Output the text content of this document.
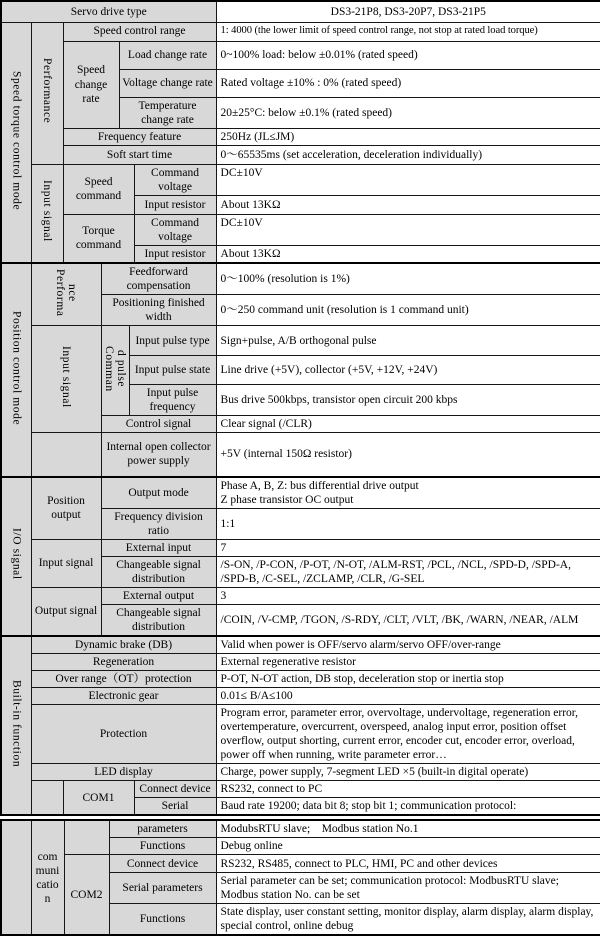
Servo drive type							DS3-21P8, DS3-20P7, DS3-21P5
Speed torque control mode	Performance	Speed control range					1: 4000 (the lower limit of speed control range, not stop at rated load torque)
		Speed change rate		Load change rate			0~100% load: below ±0.01% (rated speed)
				Voltage change rate			Rated voltage ±10% : 0% (rated speed)
				Temperature change rate			20±25°C: below ±0.1% (rated speed)
		Frequency feature					250Hz (JL≤JM)
		Soft start time					0～65535ms (set acceleration, deceleration individually)
	Input signal	Speed command				Command voltage	DC±10V
						Input resistor	About 13KΩ
		Torque command				Command voltage	DC±10V
						Input resistor	About 13KΩ
Position control mode	Performance		Feedforward compensation				0～100% (resolution is 1%)
			Positioning finished width				0～250 command unit (resolution is 1 command unit)
	Input signal		Command pulse		Input pulse type		Sign+pulse, A/B orthogonal pulse
					Input pulse state		Line drive (+5V), collector (+5V, +12V, +24V)
					Input pulse frequency		Bus drive 500kbps, transistor open circuit 200 kbps
			Control signal				Clear signal (/CLR)
			Internal open collector power supply				+5V (internal 150Ω resistor)
I/O signal	Position output		Output mode				Phase A, B, Z: bus differential drive output
Z phase transistor OC output
			Frequency division ratio				1:1
	Input signal		External input				7
			Changeable signal distribution				/S-ON, /P-CON, /P-OT, /N-OT, /ALM-RST, /PCL, /NCL, /SPD-D, /SPD-A, /SPD-B, /C-SEL, /ZCLAMP, /CLR, /G-SEL
	Output signal		External output				3
			Changeable signal distribution				/COIN, /V-CMP, /TGON, /S-RDY, /CLT, /VLT, /BK, /WARN, /NEAR, /ALM
Built-in function	Dynamic brake (DB)						Valid when power is OFF/servo alarm/servo OFF/over-range
	Regeneration						External regenerative resistor
	Over range（OT）protection						P-OT, N-OT action, DB stop, deceleration stop or inertia stop
	Electronic gear						0.01≤ B/A≤100
	Protection						Program error, parameter error, overvoltage, undervoltage, regeneration error, overtemperature, overcurrent, overspeed, analog input error, position offset overflow, output shorting, current error, encoder cut, encoder error, overload, power off when running, write parameter error…
	LED display						Charge, power supply, 7-segment LED ×5 (built-in digital operate)
		COM1				Connect device	RS232, connect to PC
						Serial	Baud rate 19200; data bit 8; stop bit 1; communication protocol:
	communication		parameters	ModubsRTU slave;    Modbus station No.1
			Functions	Debug online
		COM2	Connect device	RS232, RS485, connect to PLC, HMI, PC and other devices
			Serial parameters	Serial parameter can be set; communication protocol: ModbusRTU slave; Modbus station No. can be set
			Functions	State display, user constant setting, monitor display, alarm display, alarm display, special control, online debug
